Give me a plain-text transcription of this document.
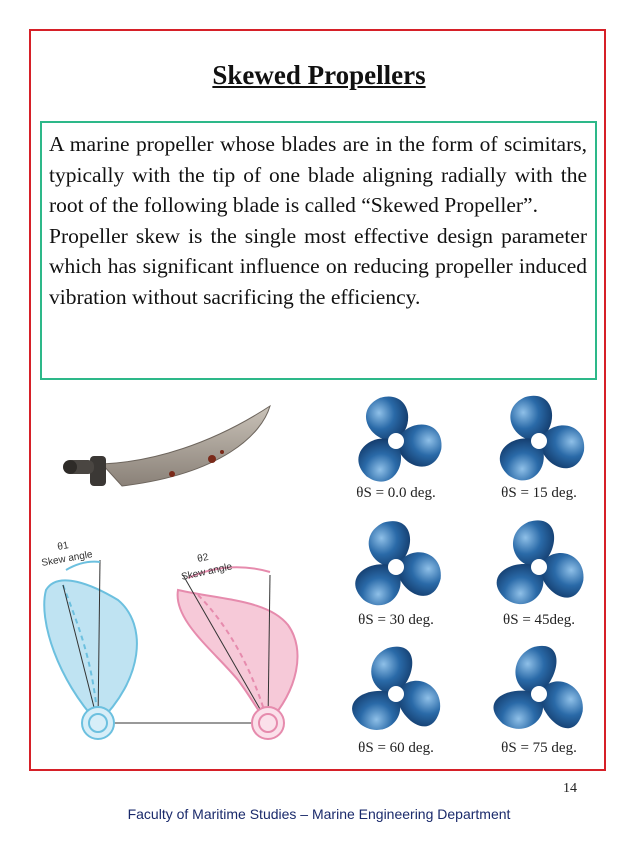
Skewed Propellers

A marine propeller whose blades are in the form of scimitars, typically with the tip of one blade aligning radially with the root of the following blade is called “Skewed Propeller”.

Propeller skew is the single most effective design parameter which has significant influence on reducing propeller induced vibration without sacrificing the efficiency.

θ1
Skew angle	θ2
Skew angle
θS = 0.0 deg.	θS = 15 deg.
θS = 30 deg.	θS = 45deg.
θS = 60 deg.	θS = 75 deg.
14
Faculty of Maritime Studies – Marine Engineering Department
